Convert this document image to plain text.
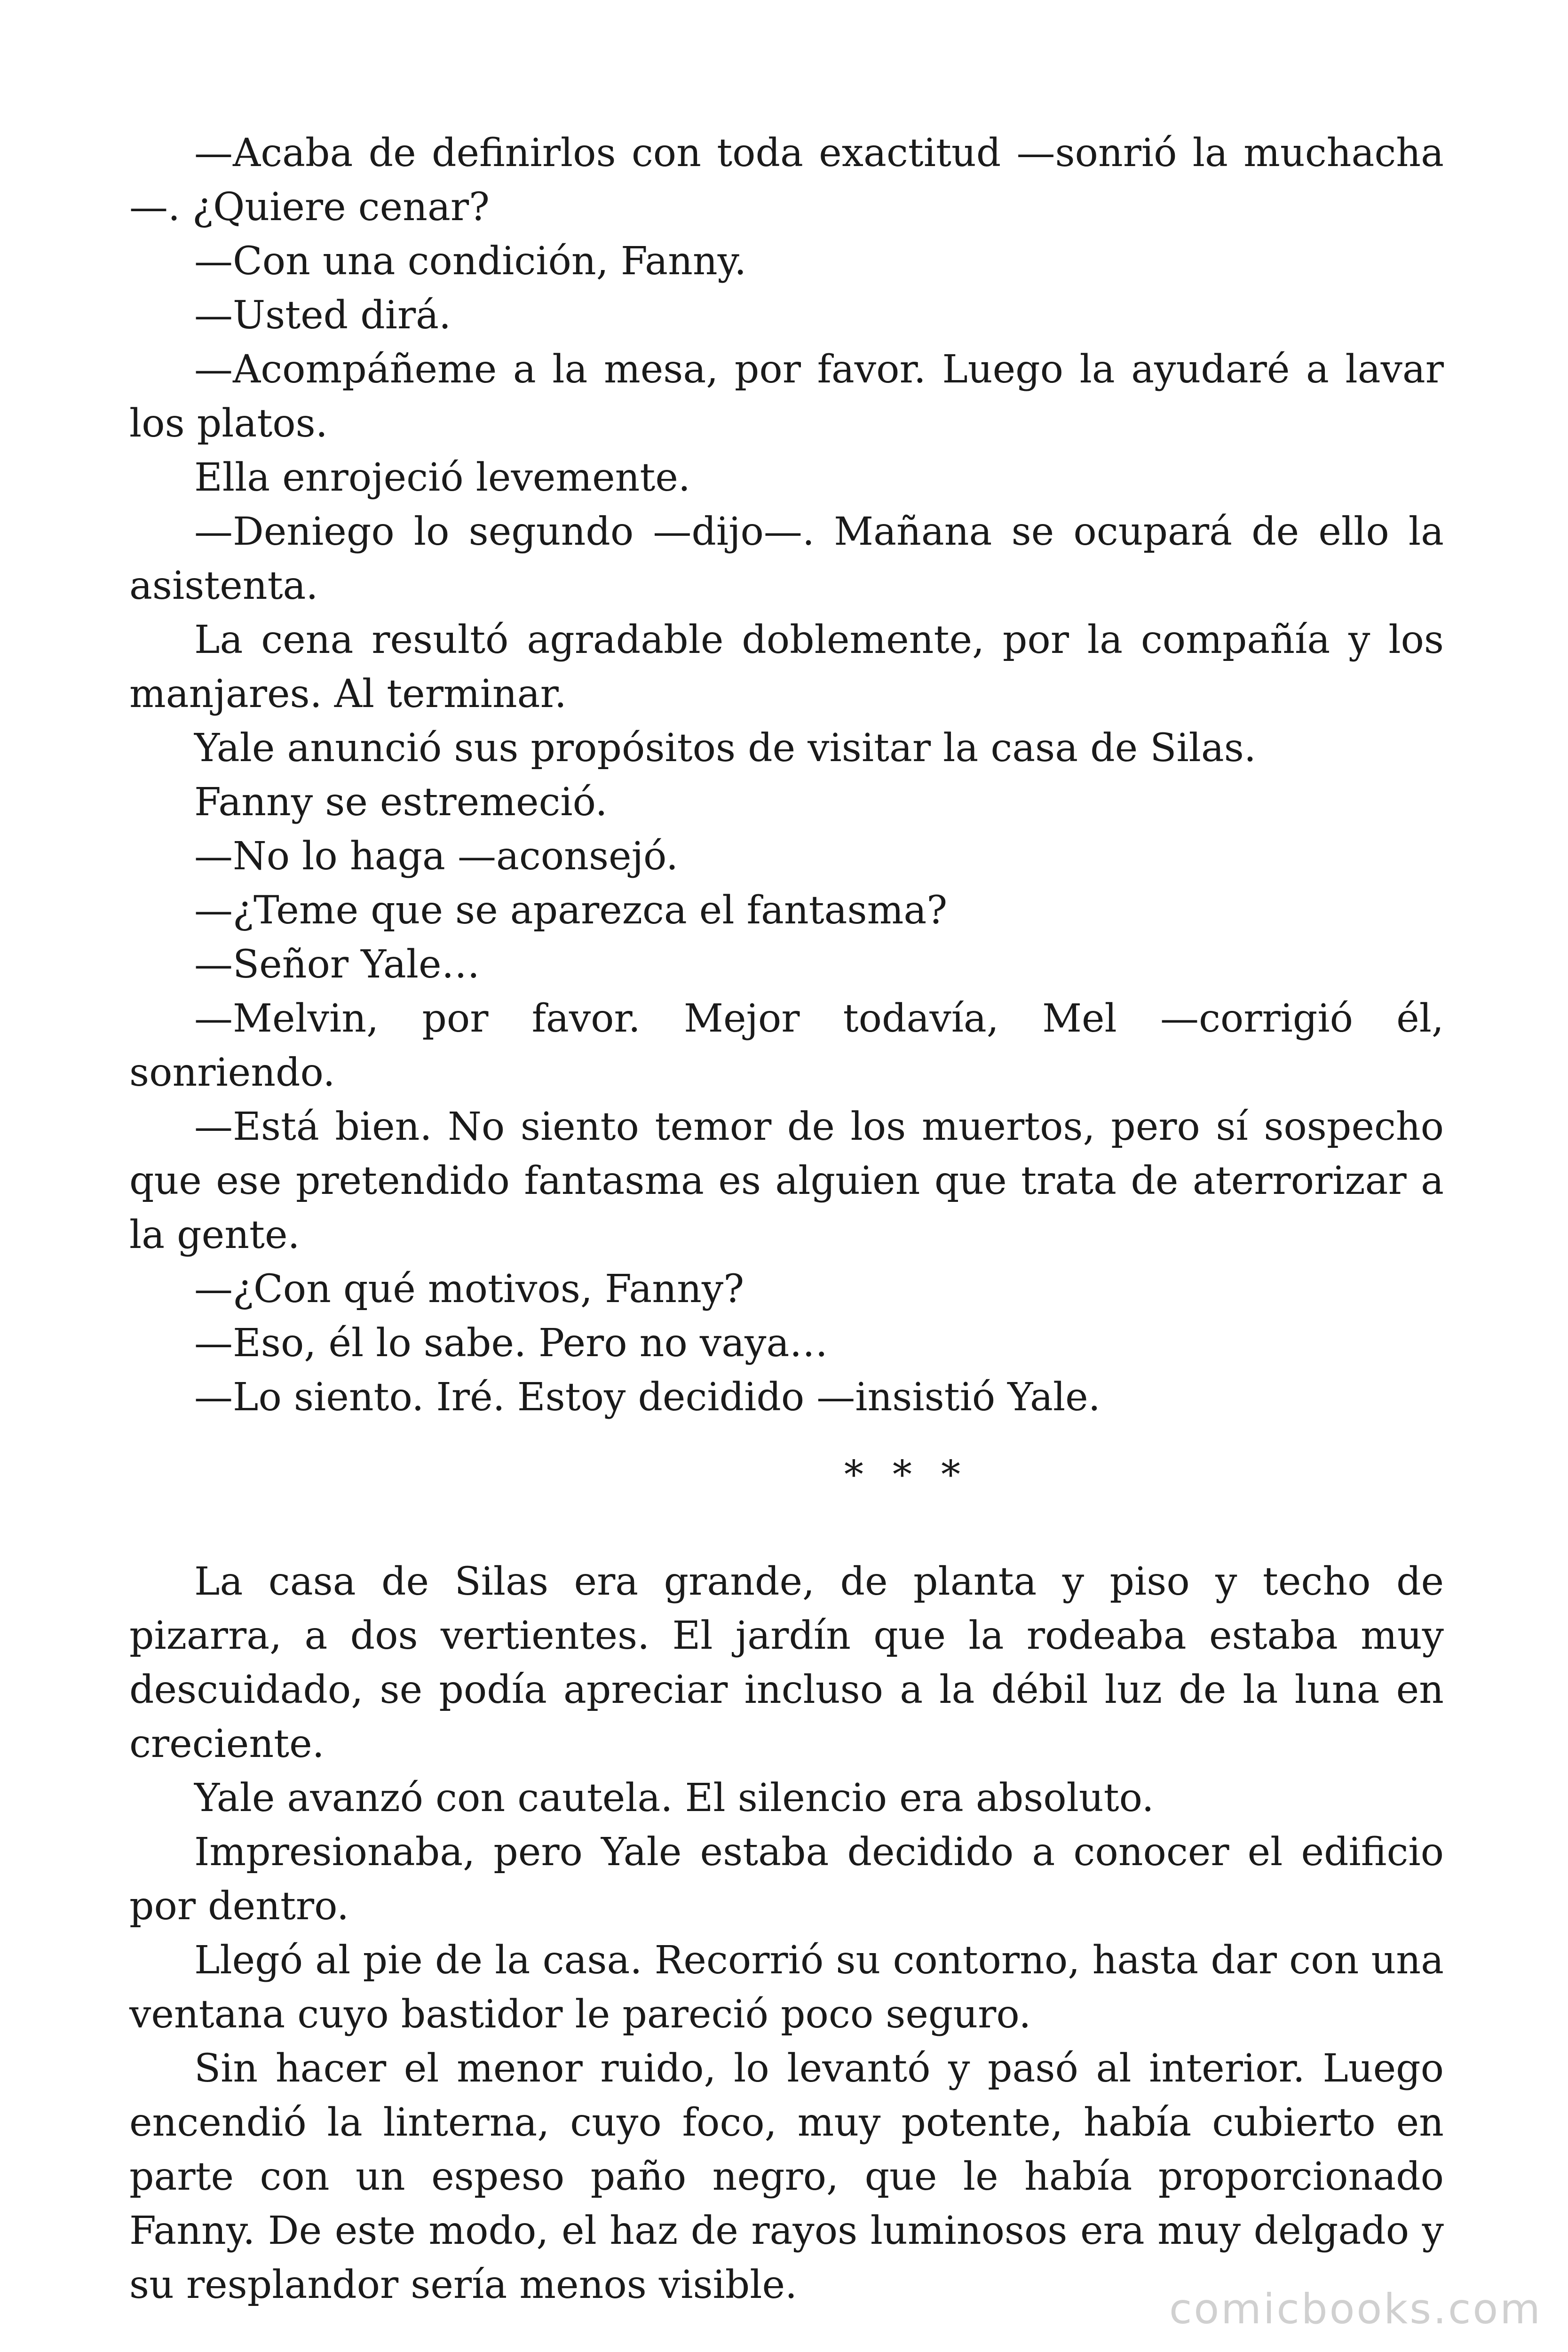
—Acaba de definirlos con toda exactitud —sonrió la muchacha —. ¿Quiere cenar?

—Con una condición, Fanny.

—Usted dirá.

—Acompáñeme a la mesa, por favor. Luego la ayudaré a lavar los platos.

Ella enrojeció levemente.

—Deniego lo segundo —dijo—. Mañana se ocupará de ello la asistenta.

La cena resultó agradable doblemente, por la compañía y los manjares. Al terminar.

Yale anunció sus propósitos de visitar la casa de Silas.

Fanny se estremeció.

—No lo haga —aconsejó.

—¿Teme que se aparezca el fantasma?

—Señor Yale…

—Melvin, por favor. Mejor todavía, Mel —corrigió él, sonriendo.

—Está bien. No siento temor de los muertos, pero sí sospecho que ese pretendido fantasma es alguien que trata de aterrorizar a la gente.

—¿Con qué motivos, Fanny?

—Eso, él lo sabe. Pero no vaya…

—Lo siento. Iré. Estoy decidido —insistió Yale.

* * *

La casa de Silas era grande, de planta y piso y techo de pizarra, a dos vertientes. El jardín que la rodeaba estaba muy descuidado, se podía apreciar incluso a la débil luz de la luna en creciente.

Yale avanzó con cautela. El silencio era absoluto.

Impresionaba, pero Yale estaba decidido a conocer el edificio por dentro.

Llegó al pie de la casa. Recorrió su contorno, hasta dar con una ventana cuyo bastidor le pareció poco seguro.

Sin hacer el menor ruido, lo levantó y pasó al interior. Luego encendió la linterna, cuyo foco, muy potente, había cubierto en parte con un espeso paño negro, que le había proporcionado Fanny. De este modo, el haz de rayos luminosos era muy delgado y su resplandor sería menos visible.	comicbooks.com
